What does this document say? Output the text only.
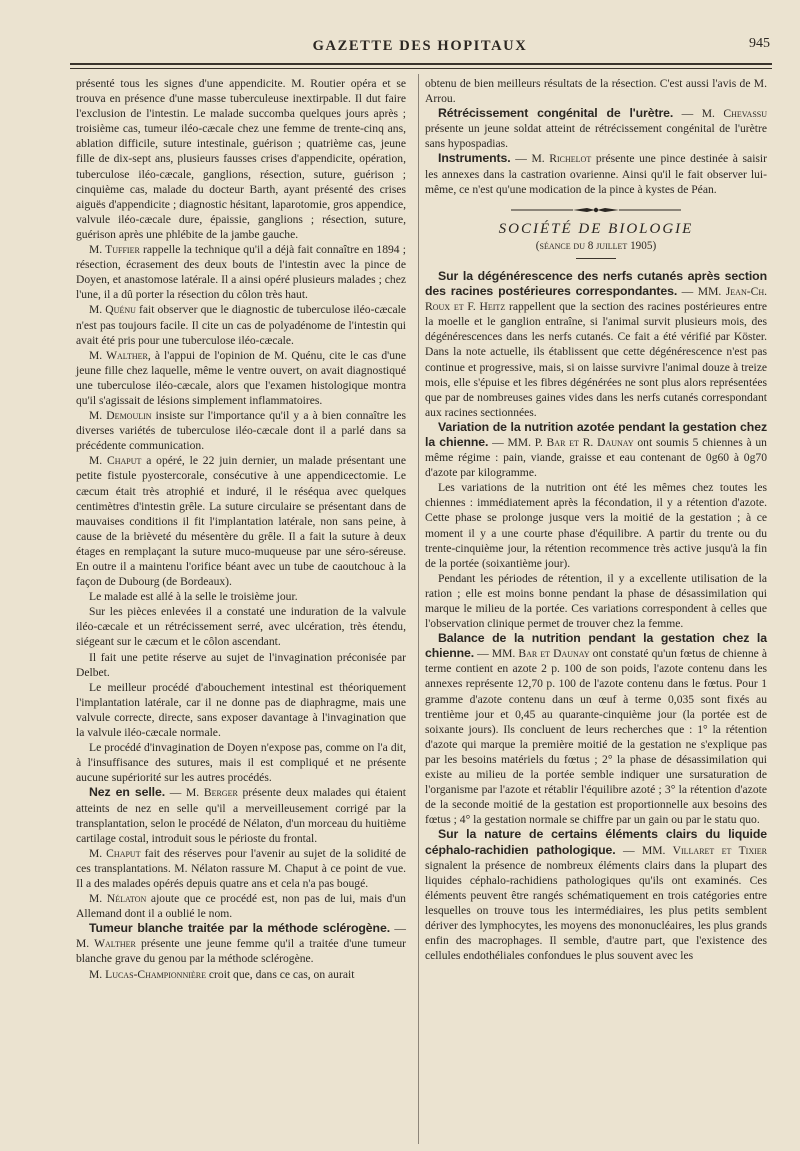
GAZETTE DES HOPITAUX	945

présenté tous les signes d'une appendicite. M. Routier opéra et se trouva en présence d'une masse tuberculeuse inextirpable. Il dut faire l'exclusion de l'intestin. Le malade succomba quelques jours après ; troisième cas, tumeur iléo-cæcale chez une femme de trente-cinq ans, ablation difficile, suture intestinale, guérison ; quatrième cas, jeune fille de dix-sept ans, plusieurs fausses crises d'appendicite, opération, tuberculose iléo-cæcale, ganglions, résection, suture, guérison ; cinquième cas, malade du docteur Barth, ayant présenté des crises aiguës d'appendicite ; diagnostic hésitant, laparotomie, gros appendice, valvule iléo-cæcale dure, épaissie, ganglions ; résection, suture, guérison après une phlébite de la jambe gauche.

M. Tuffier rappelle la technique qu'il a déjà fait connaître en 1894 ; résection, écrasement des deux bouts de l'intestin avec la pince de Doyen, et anastomose latérale. Il a ainsi opéré plusieurs malades ; chez l'une, il a dû porter la résection du côlon très haut.

M. Quénu fait observer que le diagnostic de tuberculose iléo-cæcale n'est pas toujours facile. Il cite un cas de polyadénome de l'intestin qui avait été pris pour une tuberculose iléo-cæcale.

M. Walther, à l'appui de l'opinion de M. Quénu, cite le cas d'une jeune fille chez laquelle, même le ventre ouvert, on avait diagnostiqué une tuberculose iléo-cæcale, alors que l'examen histologique montra qu'il s'agissait de lésions simplement inflammatoires.

M. Demoulin insiste sur l'importance qu'il y a à bien connaître les diverses variétés de tuberculose iléo-cæcale dont il a parlé dans sa précédente communication.

M. Chaput a opéré, le 22 juin dernier, un malade présentant une petite fistule pyostercorale, consécutive à une appendicectomie. Le cæcum était très atrophié et induré, il le réséqua avec quelques centimètres d'intestin grêle. La suture circulaire se présentant dans de mauvaises conditions il fit l'implantation latérale, non sans peine, à cause de la brièveté du mésentère du grêle. Il a fait la suture à deux étages en remplaçant la suture muco-muqueuse par une séro-séreuse. En outre il a maintenu l'orifice béant avec un tube de caoutchouc à la façon de Dubourg (de Bordeaux).

Le malade est allé à la selle le troisième jour.

Sur les pièces enlevées il a constaté une induration de la valvule iléo-cæcale et un rétrécissement serré, avec ulcération, très étendu, siégeant sur le cæcum et le côlon ascendant.

Il fait une petite réserve au sujet de l'invagination préconisée par Delbet.

Le meilleur procédé d'abouchement intestinal est théoriquement l'implantation latérale, car il ne donne pas de diaphragme, mais une valvule correcte, directe, sans exposer davantage à l'invagination que la valvule iléo-cæcale normale.

Le procédé d'invagination de Doyen n'expose pas, comme on l'a dit, à l'insuffisance des sutures, mais il est compliqué et ne présente aucune supériorité sur les autres procédés.

Nez en selle. — M. Berger présente deux malades qui étaient atteints de nez en selle qu'il a merveilleusement corrigé par la transplantation, selon le procédé de Nélaton, d'un morceau du huitième cartilage costal, introduit sous le périoste du frontal.

M. Chaput fait des réserves pour l'avenir au sujet de la solidité de ces transplantations. M. Nélaton rassure M. Chaput à ce point de vue. Il a des malades opérés depuis quatre ans et cela n'a pas bougé.

M. Nélaton ajoute que ce procédé est, non pas de lui, mais d'un Allemand dont il a oublié le nom.

Tumeur blanche traitée par la méthode sclérogène. — M. Walther présente une jeune femme qu'il a traitée d'une tumeur blanche grave du genou par la méthode sclérogène.

M. Lucas-Championnière croit que, dans ce cas, on aurait

obtenu de bien meilleurs résultats de la résection. C'est aussi l'avis de M. Arrou.

Rétrécissement congénital de l'urètre. — M. Chevassu présente un jeune soldat atteint de rétrécissement congénital de l'urètre sans hypospadias.

Instruments. — M. Richelot présente une pince destinée à saisir les annexes dans la castration ovarienne. Ainsi qu'il le fait observer lui-même, ce n'est qu'une modication de la pince à kystes de Péan.

SOCIÉTÉ DE BIOLOGIE
(séance du 8 juillet 1905)

Sur la dégénérescence des nerfs cutanés après section des racines postérieures correspondantes. — MM. Jean-Ch. Roux et F. Heitz rappellent que la section des racines postérieures entre la moelle et le ganglion entraîne, si l'animal survit plusieurs mois, des dégénérescences dans les nerfs cutanés. Ce fait a été vérifié par Köster. Dans la note actuelle, ils établissent que cette dégénérescence n'est pas continue et progressive, mais, si on laisse survivre l'animal douze à treize mois, elle s'épuise et les fibres dégénérées ne sont plus alors représentées que par de nombreuses gaines vides dans les nerfs cutanés correspondant aux racines sectionnées.

Variation de la nutrition azotée pendant la gestation chez la chienne. — MM. P. Bar et R. Daunay ont soumis 5 chiennes à un même régime : pain, viande, graisse et eau contenant de 0g60 à 0g70 d'azote par kilogramme.

Les variations de la nutrition ont été les mêmes chez toutes les chiennes : immédiatement après la fécondation, il y a rétention d'azote. Cette phase se prolonge jusque vers la moitié de la gestation ; à ce moment il y a une courte phase d'équilibre. A partir du trente ou du trente-cinquième jour, la rétention recommence très active jusqu'à la fin de la portée (soixantième jour).

Pendant les périodes de rétention, il y a excellente utilisation de la ration ; elle est moins bonne pendant la phase de désassimilation qui marque le milieu de la portée. Ces variations correspondent à celles que l'observation clinique permet de trouver chez la femme.

Balance de la nutrition pendant la gestation chez la chienne. — MM. Bar et Daunay ont constaté qu'un fœtus de chienne à terme contient en azote 2 p. 100 de son poids, l'azote contenu dans les annexes représente 12,70 p. 100 de l'azote contenu dans le fœtus. Pour 1 gramme d'azote contenu dans un œuf à terme 0,035 sont fixés au trentième jour et 0,45 au quarante-cinquième jour (la portée est de soixante jours). Ils concluent de leurs recherches que : 1° la rétention d'azote qui marque la première moitié de la gestation ne s'explique pas par les besoins matériels du fœtus ; 2° la phase de désassimilation qui existe au milieu de la portée semble indiquer une sursaturation de l'organisme par l'azote et rétablir l'équilibre azoté ; 3° la rétention d'azote de la seconde moitié de la gestation est proportionnelle aux besoins des fœtus ; 4° la gestation normale se chiffre par un gain ou par le statu quo.

Sur la nature de certains éléments clairs du liquide céphalo-rachidien pathologique. — MM. Villaret et Tixier signalent la présence de nombreux éléments clairs dans la plupart des liquides céphalo-rachidiens pathologiques qu'ils ont examinés. Ces éléments peuvent être rangés schématiquement en trois catégories entre lesquelles on trouve tous les intermédiaires, les plus petits semblent dériver des lymphocytes, les moyens des mononucléaires, les plus grands enfin des macrophages. Il semble, d'autre part, que l'existence des cellules endothéliales confondues le plus souvent avec les
